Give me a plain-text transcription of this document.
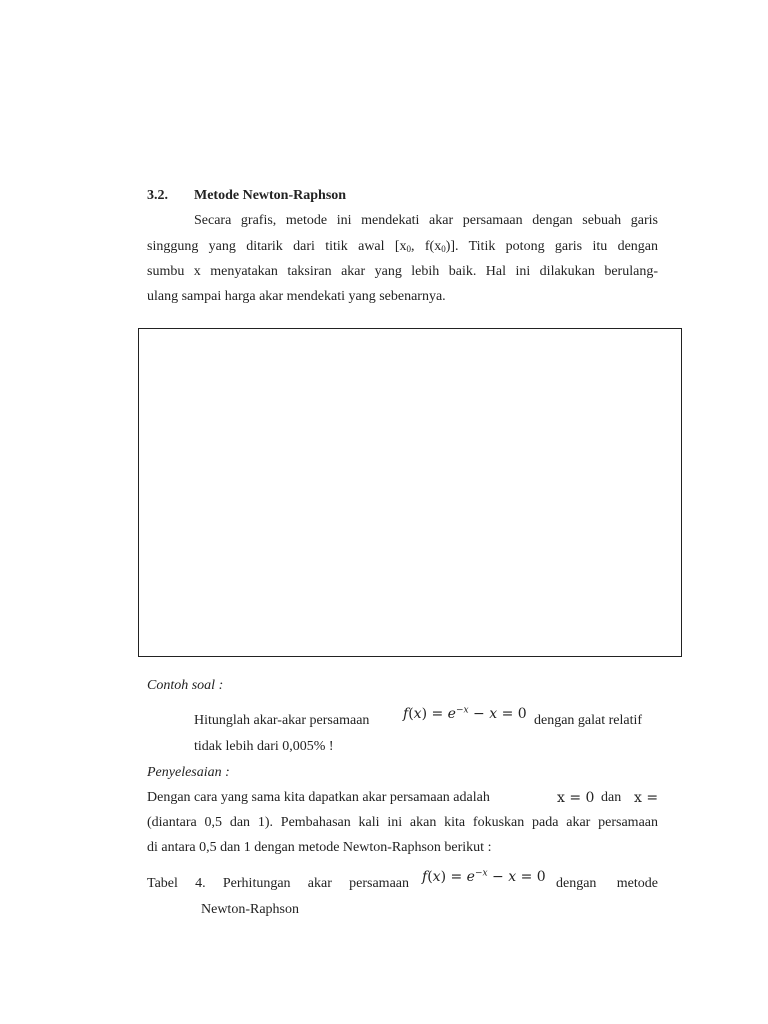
3.2. Metode Newton-Raphson
Secara grafis, metode ini mendekati akar persamaan dengan sebuah garis
singgung yang ditarik dari titik awal [$x_0$, $f(x_0)$]. Titik potong garis itu dengan
sumbu x menyatakan taksiran akar yang lebih baik. Hal ini dilakukan berulang-
ulang sampai harga akar mendekati yang sebenarnya.
Contoh soal :
Hitunglah akar-akar persamaan $f(x) = e^{-x} - x = 0$ dengan galat relatif
tidak lebih dari 0,005% !
Penyelesaian :
Dengan cara yang sama kita dapatkan akar persamaan adalah	x = 0 dan x =
(diantara 0,5 dan 1). Pembahasan kali ini akan kita fokuskan pada akar persamaan
di antara 0,5 dan 1 dengan metode Newton-Raphson berikut :
Tabel 4. Perhitungan akar persamaan $f(x) = e^{-x} - x = 0$ dengan metode
Newton-Raphson
